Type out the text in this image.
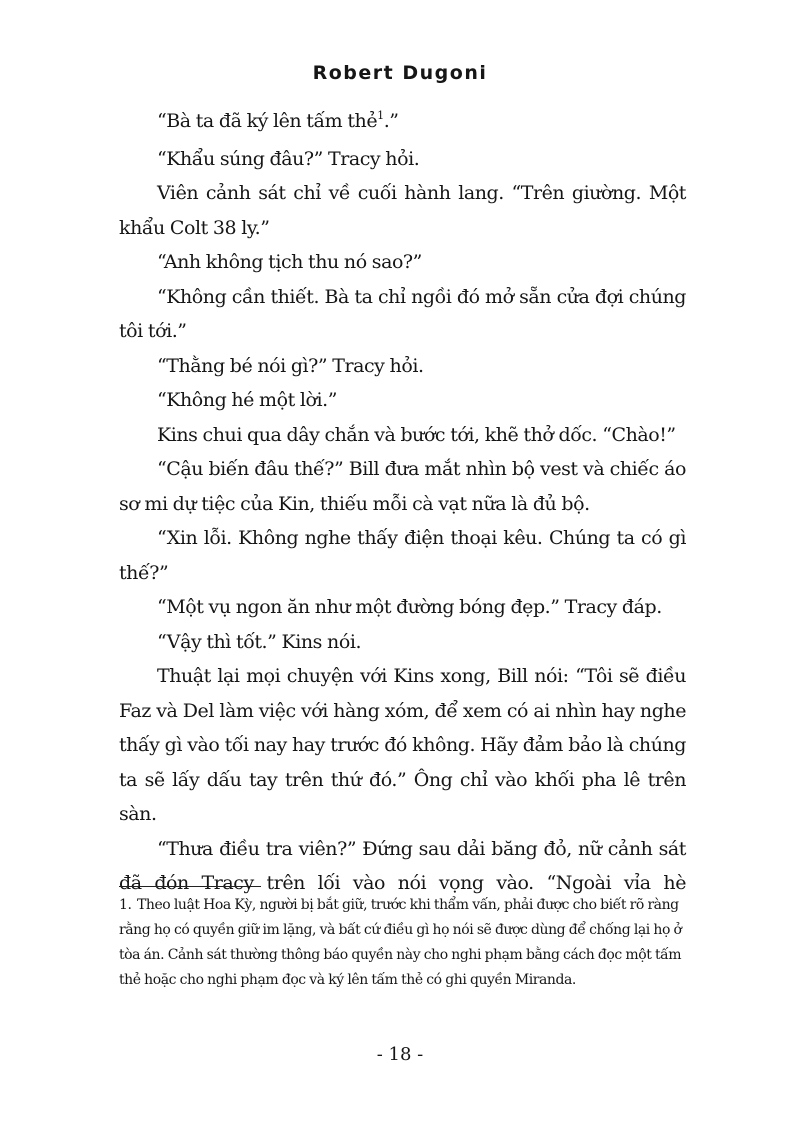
Robert Dugoni

“Bà ta đã ký lên tấm thẻ$^1$.”

“Khẩu súng đâu?” Tracy hỏi.

Viên cảnh sát chỉ về cuối hành lang. “Trên giường. Một khẩu Colt 38 ly.”

“Anh không tịch thu nó sao?”

“Không cần thiết. Bà ta chỉ ngồi đó mở sẵn cửa đợi chúng tôi tới.”

“Thằng bé nói gì?” Tracy hỏi.

“Không hé một lời.”

Kins chui qua dây chắn và bước tới, khẽ thở dốc. “Chào!”

“Cậu biến đâu thế?” Bill đưa mắt nhìn bộ vest và chiếc áo sơ mi dự tiệc của Kin, thiếu mỗi cà vạt nữa là đủ bộ.

“Xin lỗi. Không nghe thấy điện thoại kêu. Chúng ta có gì thế?”

“Một vụ ngon ăn như một đường bóng đẹp.” Tracy đáp.

“Vậy thì tốt.” Kins nói.

Thuật lại mọi chuyện với Kins xong, Bill nói: “Tôi sẽ điều Faz và Del làm việc với hàng xóm, để xem có ai nhìn hay nghe thấy gì vào tối nay hay trước đó không. Hãy đảm bảo là chúng ta sẽ lấy dấu tay trên thứ đó.” Ông chỉ vào khối pha lê trên sàn.

“Thưa điều tra viên?” Đứng sau dải băng đỏ, nữ cảnh sát đã đón Tracy trên lối vào nói vọng vào. “Ngoài vỉa hè

1. Theo luật Hoa Kỳ, người bị bắt giữ, trước khi thẩm vấn, phải được cho biết rõ ràng rằng họ có quyền giữ im lặng, và bất cứ điều gì họ nói sẽ được dùng để chống lại họ ở tòa án. Cảnh sát thường thông báo quyền này cho nghi phạm bằng cách đọc một tấm thẻ hoặc cho nghi phạm đọc và ký lên tấm thẻ có ghi quyền Miranda.

- 18 -
